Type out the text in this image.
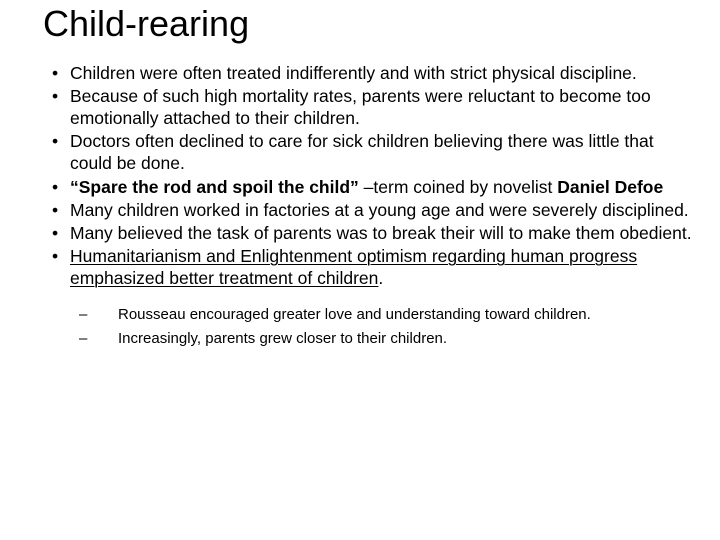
Child-rearing
• Children were often treated indifferently and with strict physical discipline.
• Because of such high mortality rates, parents were reluctant to become too emotionally attached to their children.
• Doctors often declined to care for sick children believing there was little that could be done.
• “Spare the rod and spoil the child” –term coined by novelist Daniel Defoe
• Many children worked in factories at a young age and were severely disciplined.
• Many believed the task of parents was to break their will to make them obedient.
• Humanitarianism and Enlightenment optimism regarding human progress emphasized better treatment of children.
– Rousseau encouraged greater love and understanding toward children.
– Increasingly, parents grew closer to their children.
